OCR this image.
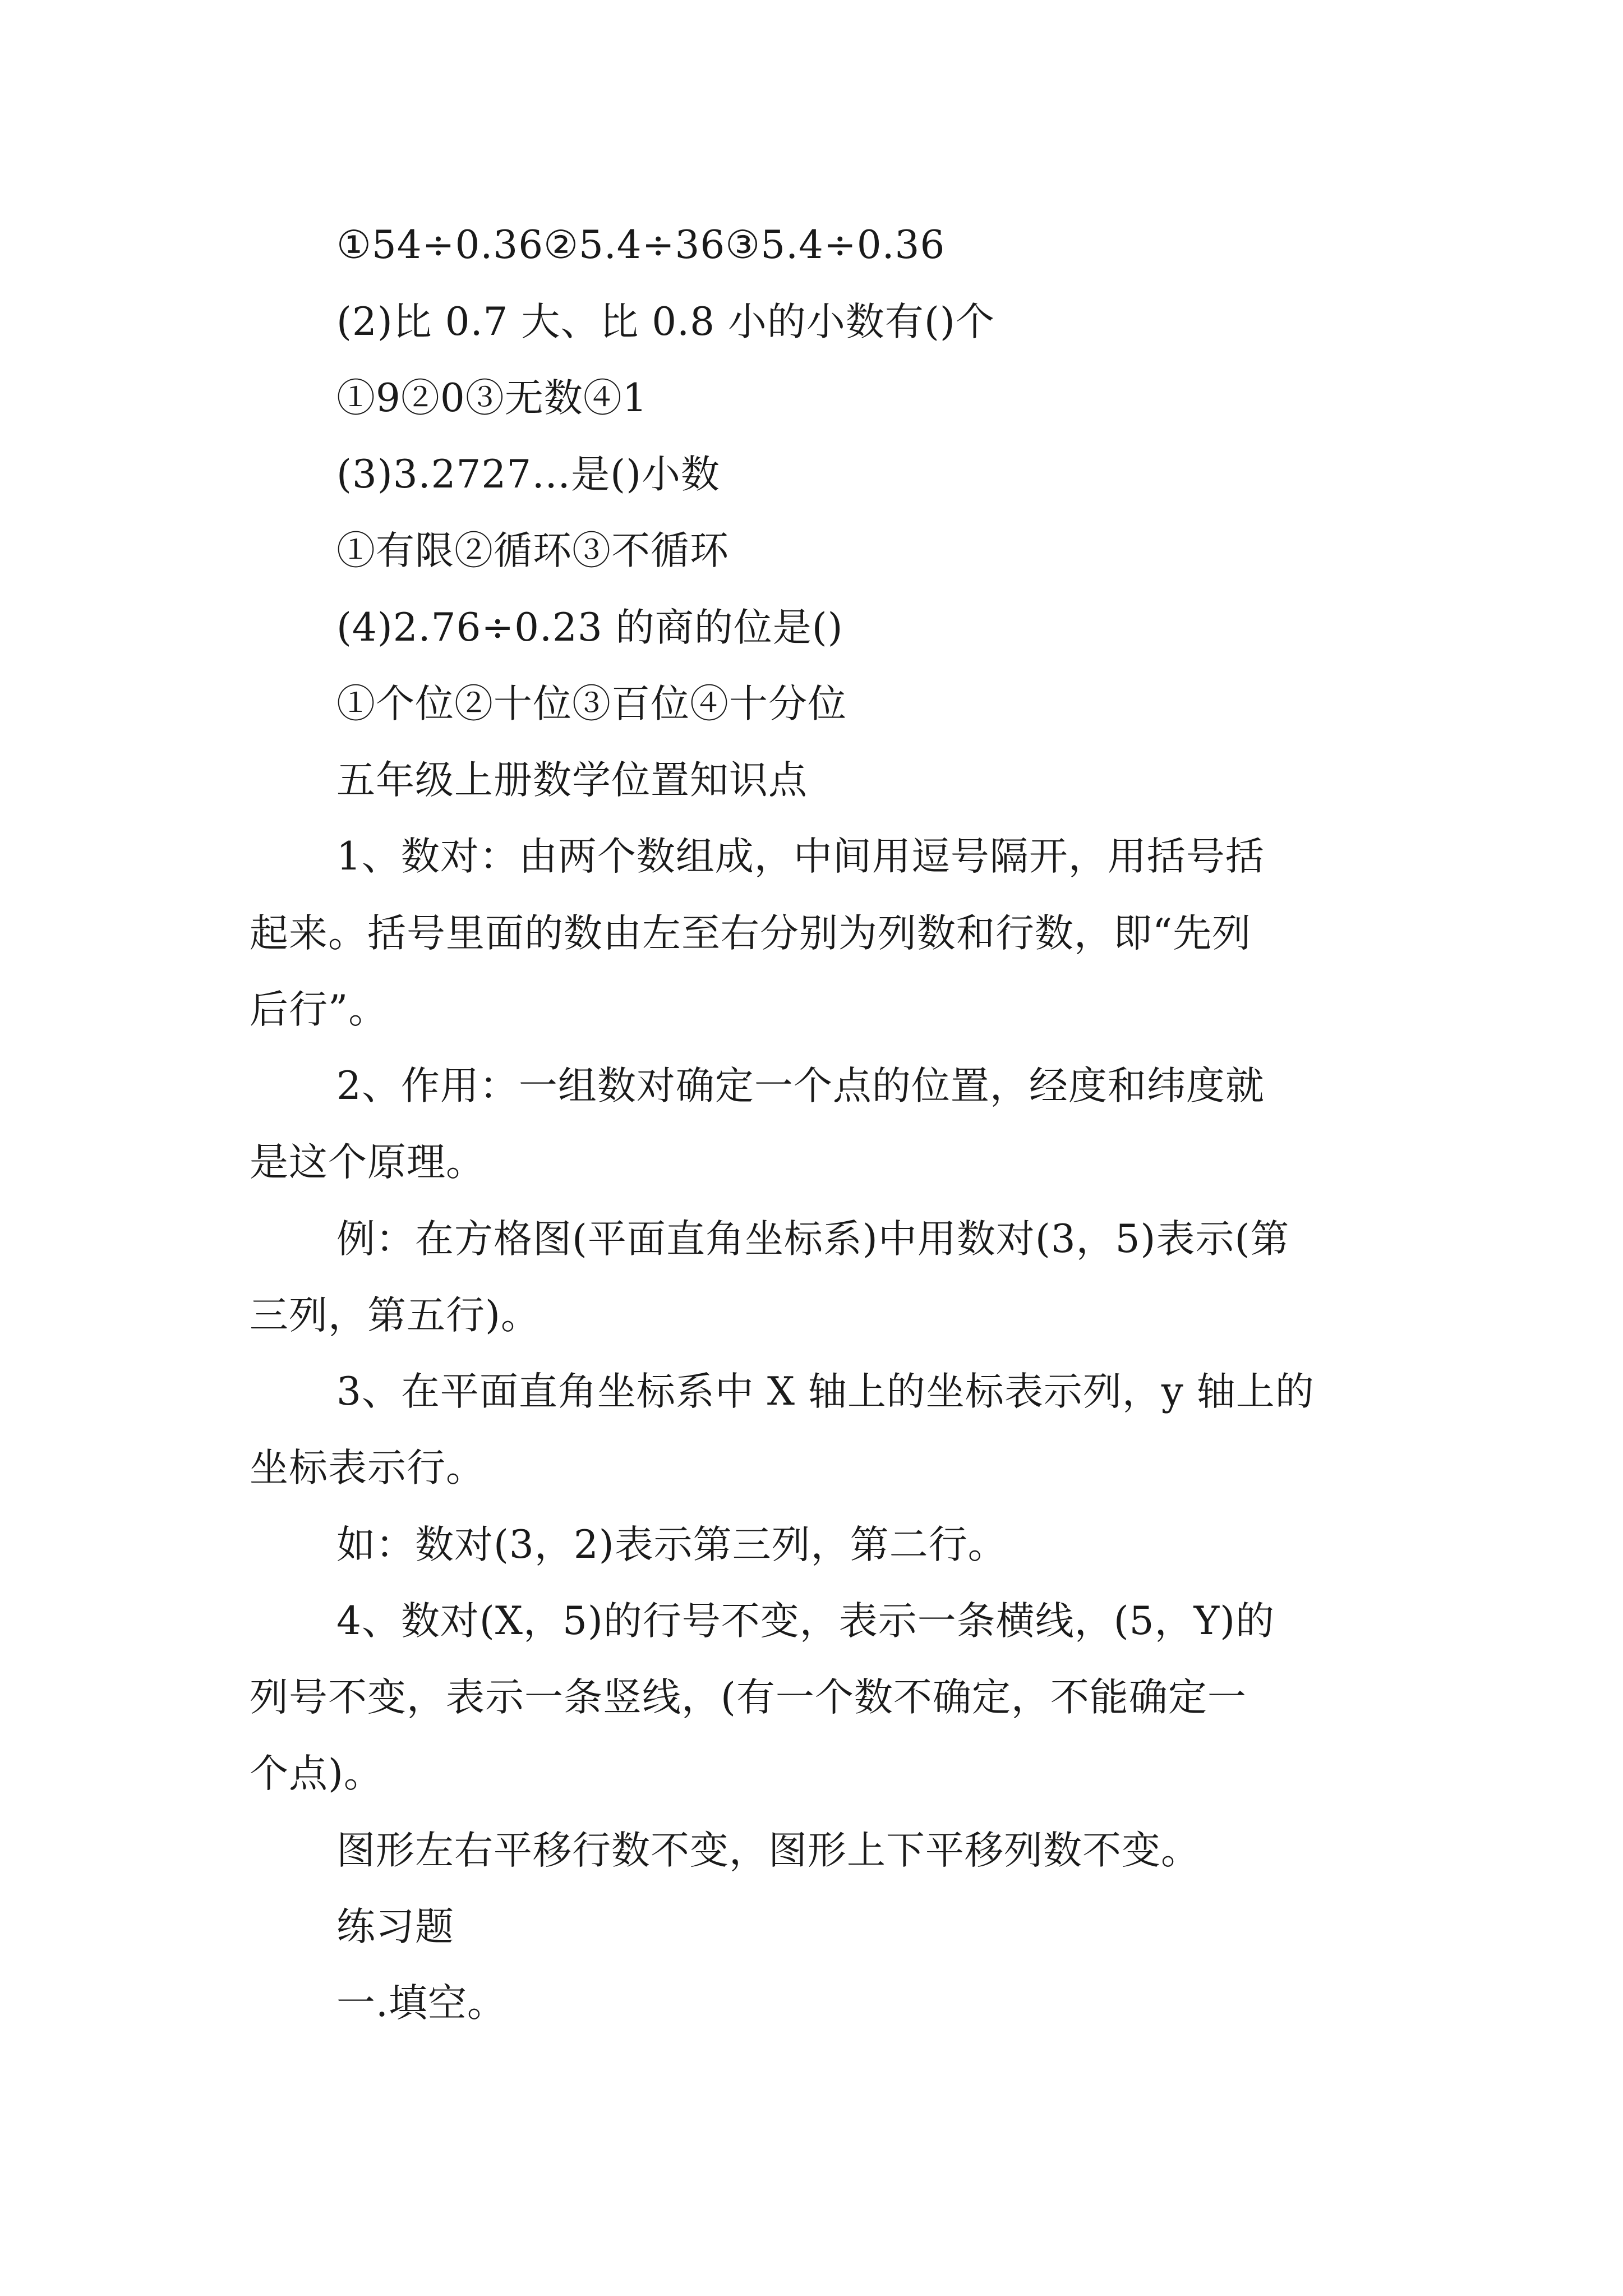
①54÷0.36②5.4÷36③5.4÷0.36
(2)比 0.7 大、比 0.8 小的小数有()个
①9②0③无数④1
(3)3.2727…是()小数
①有限②循环③不循环
(4)2.76÷0.23 的商的位是()
①个位②十位③百位④十分位
五年级上册数学位置知识点
1、数对：由两个数组成，中间用逗号隔开，用括号括
起来。括号里面的数由左至右分别为列数和行数，即“先列
后行”。
2、作用：一组数对确定一个点的位置，经度和纬度就
是这个原理。
例：在方格图(平面直角坐标系)中用数对(3，5)表示(第
三列，第五行)。
3、在平面直角坐标系中 X 轴上的坐标表示列，y 轴上的
坐标表示行。
如：数对(3，2)表示第三列，第二行。
4、数对(X，5)的行号不变，表示一条横线，(5，Y)的
列号不变，表示一条竖线，(有一个数不确定，不能确定一
个点)。
图形左右平移行数不变，图形上下平移列数不变。
练习题
一.填空。
